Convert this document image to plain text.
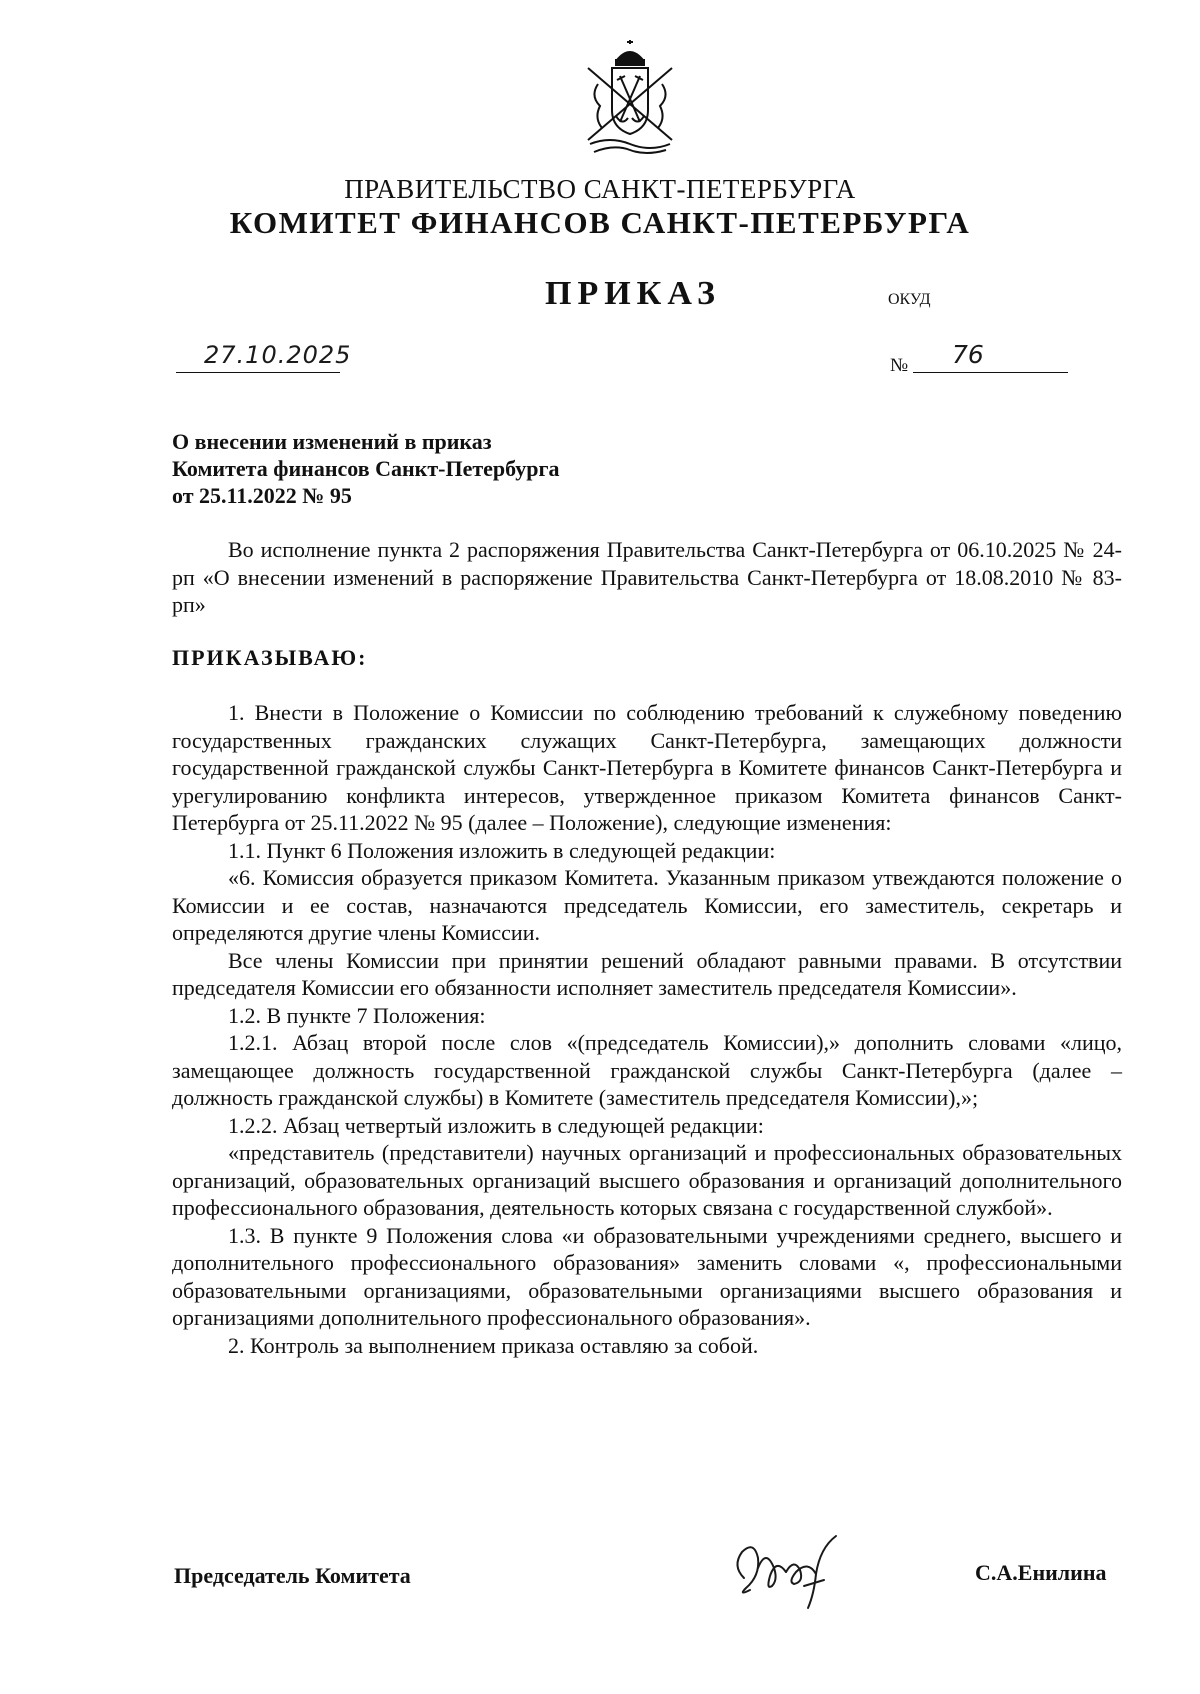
ПРАВИТЕЛЬСТВО САНКТ-ПЕТЕРБУРГА
КОМИТЕТ ФИНАНСОВ САНКТ-ПЕТЕРБУРГА
ПРИКАЗ	ОКУД
27.10.2025	№ 76
О внесении изменений в приказ
Комитета финансов Санкт-Петербурга
от 25.11.2022 № 95

Во исполнение пункта 2 распоряжения Правительства Санкт-Петербурга от 06.10.2025 № 24-рп «О внесении изменений в распоряжение Правительства Санкт-Петербурга от 18.08.2010 № 83-рп»

ПРИКАЗЫВАЮ:

1. Внести в Положение о Комиссии по соблюдению требований к служебному поведению государственных гражданских служащих Санкт-Петербурга, замещающих должности государственной гражданской службы Санкт-Петербурга в Комитете финансов Санкт-Петербурга и урегулированию конфликта интересов, утвержденное приказом Комитета финансов Санкт-Петербурга от 25.11.2022 № 95 (далее – Положение), следующие изменения:

1.1. Пункт 6 Положения изложить в следующей редакции:

«6. Комиссия образуется приказом Комитета. Указанным приказом утвеждаются положение о Комиссии и ее состав, назначаются председатель Комиссии, его заместитель, секретарь и определяются другие члены Комиссии.

Все члены Комиссии при принятии решений обладают равными правами. В отсутствии председателя Комиссии его обязанности исполняет заместитель председателя Комиссии».

1.2. В пункте 7 Положения:

1.2.1. Абзац второй после слов «(председатель Комиссии),» дополнить словами «лицо, замещающее должность государственной гражданской службы Санкт-Петербурга (далее – должность гражданской службы) в Комитете (заместитель председателя Комиссии),»;

1.2.2. Абзац четвертый изложить в следующей редакции:

«представитель (представители) научных организаций и профессиональных образовательных организаций, образовательных организаций высшего образования и организаций дополнительного профессионального образования, деятельность которых связана с государственной службой».

1.3. В пункте 9 Положения слова «и образовательными учреждениями среднего, высшего и дополнительного профессионального образования» заменить словами «, профессиональными образовательными организациями, образовательными организациями высшего образования и организациями дополнительного профессионального образования».

2. Контроль за выполнением приказа оставляю за собой.

Председатель Комитета	С.А.Енилина
